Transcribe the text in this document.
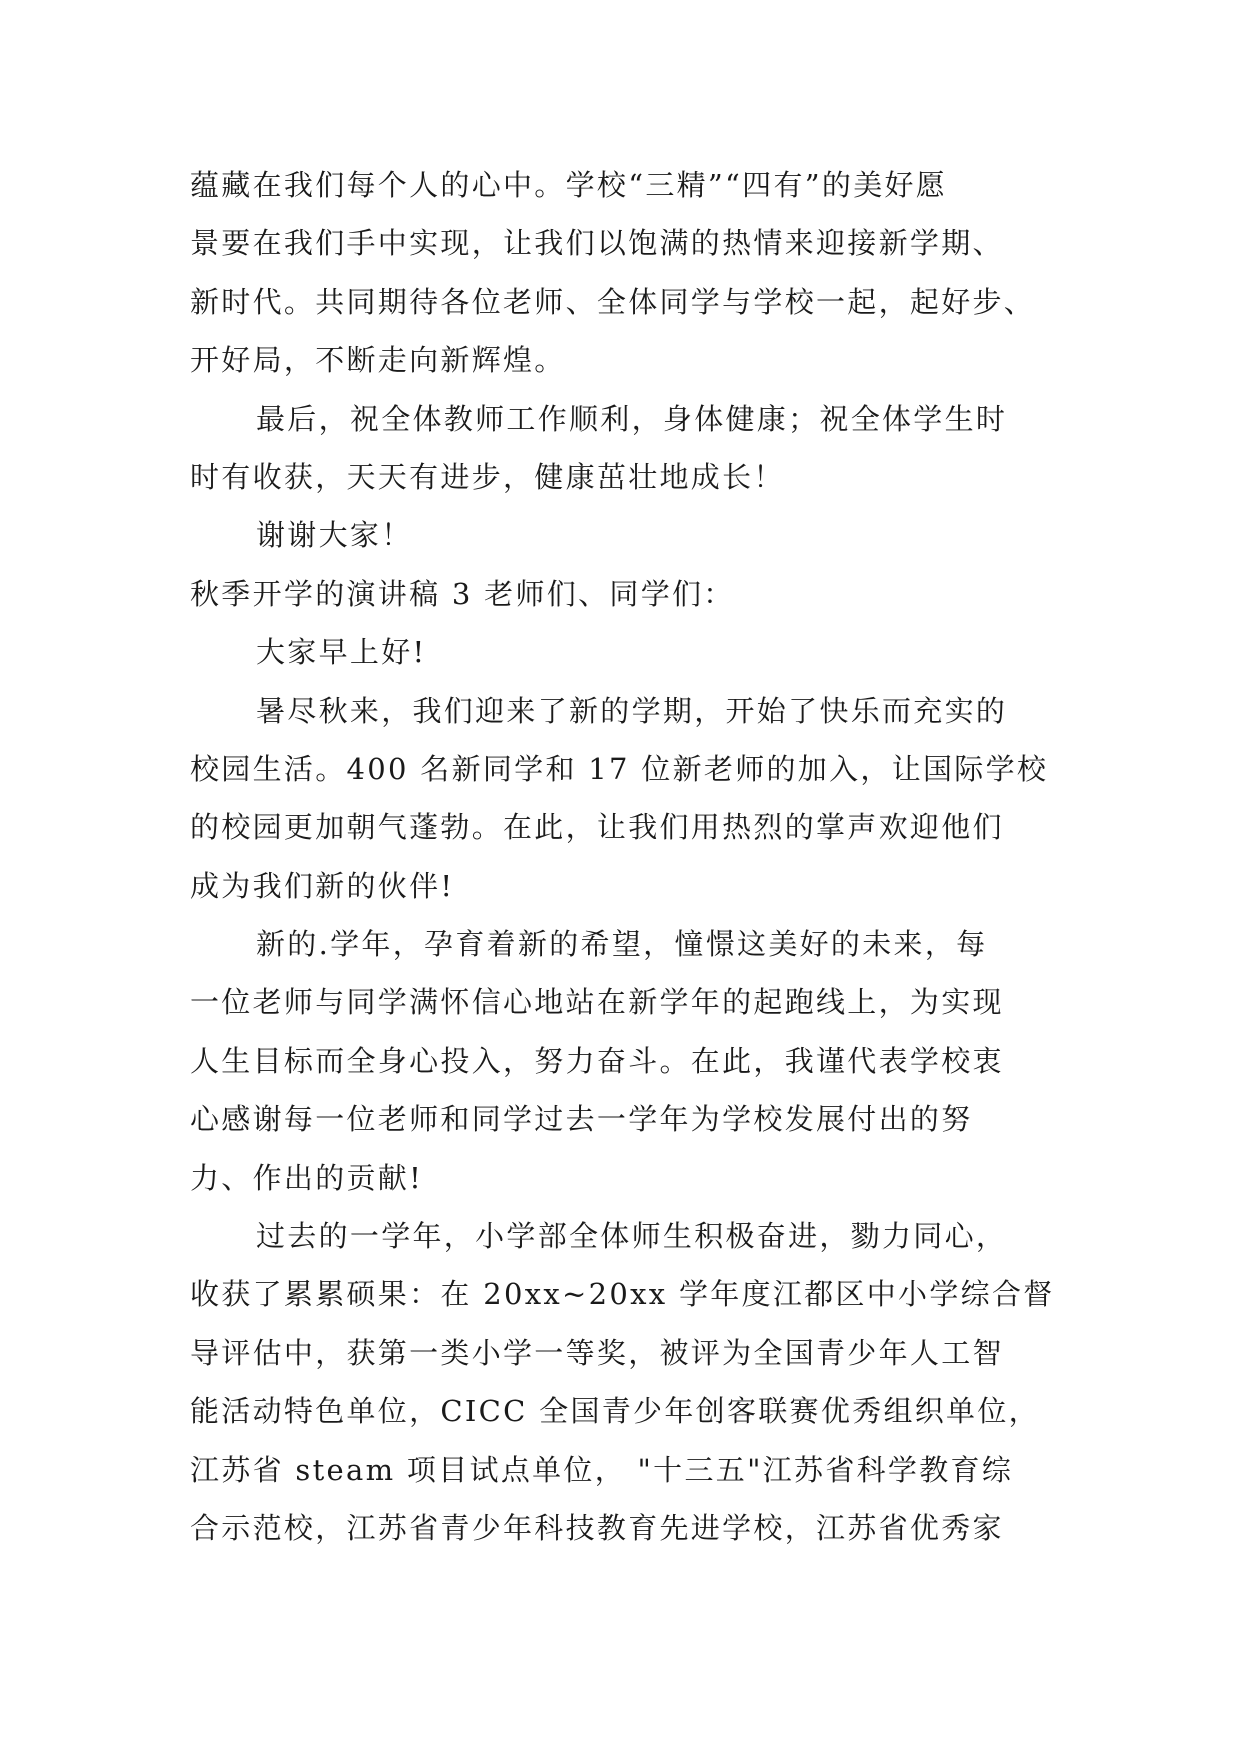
蕴藏在我们每个人的心中。学校“三精”“四有”的美好愿
景要在我们手中实现，让我们以饱满的热情来迎接新学期、
新时代。共同期待各位老师、全体同学与学校一起，起好步、
开好局，不断走向新辉煌。
最后，祝全体教师工作顺利，身体健康；祝全体学生时
时有收获，天天有进步，健康茁壮地成长！
谢谢大家！
秋季开学的演讲稿 3 老师们、同学们：
大家早上好!
暑尽秋来，我们迎来了新的学期，开始了快乐而充实的
校园生活。400 名新同学和 17 位新老师的加入，让国际学校
的校园更加朝气蓬勃。在此，让我们用热烈的掌声欢迎他们
成为我们新的伙伴!
新的.学年，孕育着新的希望，憧憬这美好的未来，每
一位老师与同学满怀信心地站在新学年的起跑线上，为实现
人生目标而全身心投入，努力奋斗。在此，我谨代表学校衷
心感谢每一位老师和同学过去一学年为学校发展付出的努
力、作出的贡献!
过去的一学年，小学部全体师生积极奋进，勠力同心，
收获了累累硕果：在 20xx~20xx 学年度江都区中小学综合督
导评估中，获第一类小学一等奖，被评为全国青少年人工智
能活动特色单位，CICC 全国青少年创客联赛优秀组织单位，
江苏省 steam 项目试点单位， "十三五"江苏省科学教育综
合示范校，江苏省青少年科技教育先进学校，江苏省优秀家
